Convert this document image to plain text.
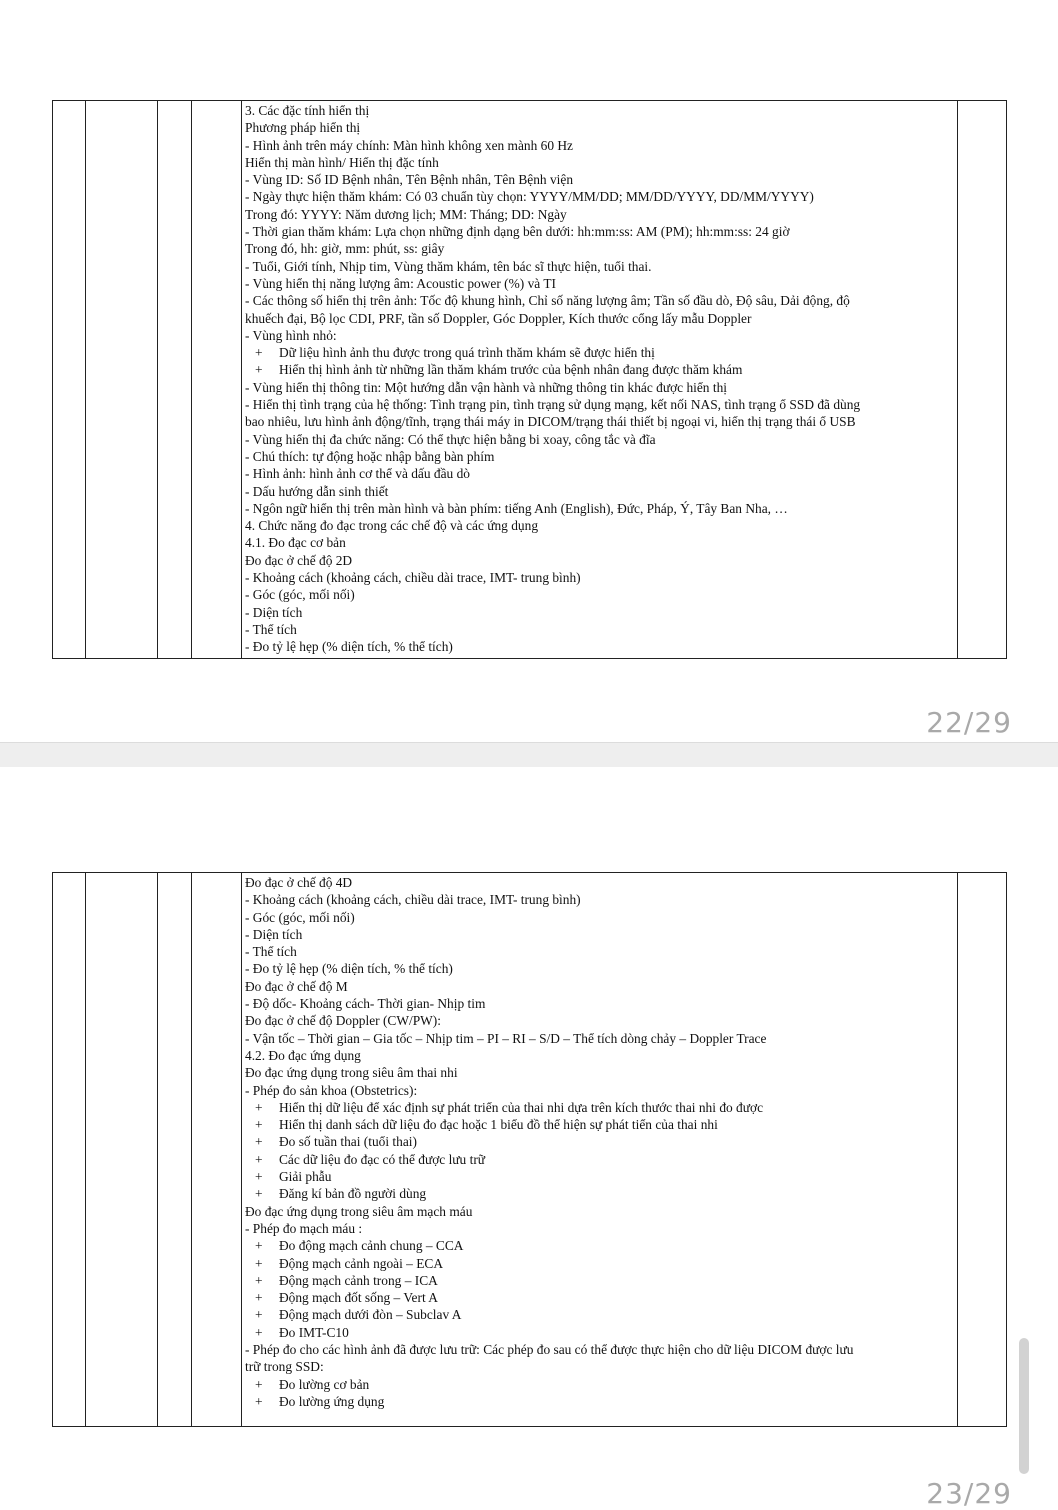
3. Các đặc tính hiển thị
Phương pháp hiển thị
- Hình ảnh trên máy chính: Màn hình không xen mành 60 Hz
Hiển thị màn hình/ Hiển thị đặc tính
- Vùng ID: Số ID Bệnh nhân, Tên Bệnh nhân, Tên Bệnh viện
- Ngày thực hiện thăm khám: Có 03 chuẩn tùy chọn: YYYY/MM/DD; MM/DD/YYYY, DD/MM/YYYY)
Trong đó: YYYY: Năm dương lịch; MM: Tháng; DD: Ngày
- Thời gian thăm khám: Lựa chọn những định dạng bên dưới: hh:mm:ss: AM (PM); hh:mm:ss: 24 giờ
Trong đó, hh: giờ, mm: phút, ss: giây
- Tuổi, Giới tính, Nhịp tim, Vùng thăm khám, tên bác sĩ thực hiện, tuổi thai.
- Vùng hiển thị năng lượng âm: Acoustic power (%) và TI
- Các thông số hiển thị trên ảnh: Tốc độ khung hình, Chỉ số năng lượng âm; Tần số đầu dò, Độ sâu, Dải động, độ
khuếch đại, Bộ lọc CDI, PRF, tần số Doppler, Góc Doppler, Kích thước cổng lấy mẫu Doppler
- Vùng hình nhỏ:
+ Dữ liệu hình ảnh thu được trong quá trình thăm khám sẽ được hiển thị
+ Hiển thị hình ảnh từ những lần thăm khám trước của bệnh nhân đang được thăm khám
- Vùng hiển thị thông tin: Một hướng dẫn vận hành và những thông tin khác được hiển thị
- Hiển thị tình trạng của hệ thống: Tình trạng pin, tình trạng sử dụng mạng, kết nối NAS, tình trạng ổ SSD đã dùng
bao nhiêu, lưu hình ảnh động/tĩnh, trạng thái máy in DICOM/trạng thái thiết bị ngoại vi, hiển thị trạng thái ổ USB
- Vùng hiển thị đa chức năng: Có thể thực hiện bằng bi xoay, công tắc và đĩa
- Chú thích: tự động hoặc nhập bằng bàn phím
- Hình ảnh: hình ảnh cơ thể và dấu đầu dò
- Dấu hướng dẫn sinh thiết
- Ngôn ngữ hiển thị trên màn hình và bàn phím: tiếng Anh (English), Đức, Pháp, Ý, Tây Ban Nha, …
4. Chức năng đo đạc trong các chế độ và các ứng dụng
4.1. Đo đạc cơ bản
Đo đạc ở chế độ 2D
- Khoảng cách (khoảng cách, chiều dài trace, IMT- trung bình)
- Góc (góc, mối nối)
- Diện tích
- Thể tích
- Đo tỷ lệ hẹp (% diện tích, % thể tích)

22/29

Đo đạc ở chế độ 4D
- Khoảng cách (khoảng cách, chiều dài trace, IMT- trung bình)
- Góc (góc, mối nối)
- Diện tích
- Thể tích
- Đo tỷ lệ hẹp (% diện tích, % thể tích)
Đo đạc ở chế độ M
- Độ dốc- Khoảng cách- Thời gian- Nhịp tim
Đo đạc ở chế độ Doppler (CW/PW):
- Vận tốc – Thời gian – Gia tốc – Nhịp tim – PI – RI – S/D – Thể tích dòng chảy – Doppler Trace
4.2. Đo đạc ứng dụng
Đo đạc ứng dụng trong siêu âm thai nhi
- Phép đo sản khoa (Obstetrics):
+ Hiển thị dữ liệu để xác định sự phát triển của thai nhi dựa trên kích thước thai nhi đo được
+ Hiển thị danh sách dữ liệu đo đạc hoặc 1 biểu đồ thể hiện sự phát tiển của thai nhi
+ Đo số tuần thai (tuổi thai)
+ Các dữ liệu đo đạc có thể được lưu trữ
+ Giải phẫu
+ Đăng kí bản đồ người dùng
Đo đạc ứng dụng trong siêu âm mạch máu
- Phép đo mạch máu :
+ Đo động mạch cảnh chung – CCA
+ Động mạch cảnh ngoài – ECA
+ Động mạch cảnh trong – ICA
+ Động mạch đốt sống – Vert A
+ Động mạch dưới đòn – Subclav A
+ Đo IMT-C10
- Phép đo cho các hình ảnh đã được lưu trữ: Các phép đo sau có thể được thực hiện cho dữ liệu DICOM được lưu
trữ trong SSD:
+ Đo lường cơ bản
+ Đo lường ứng dụng

23/29
